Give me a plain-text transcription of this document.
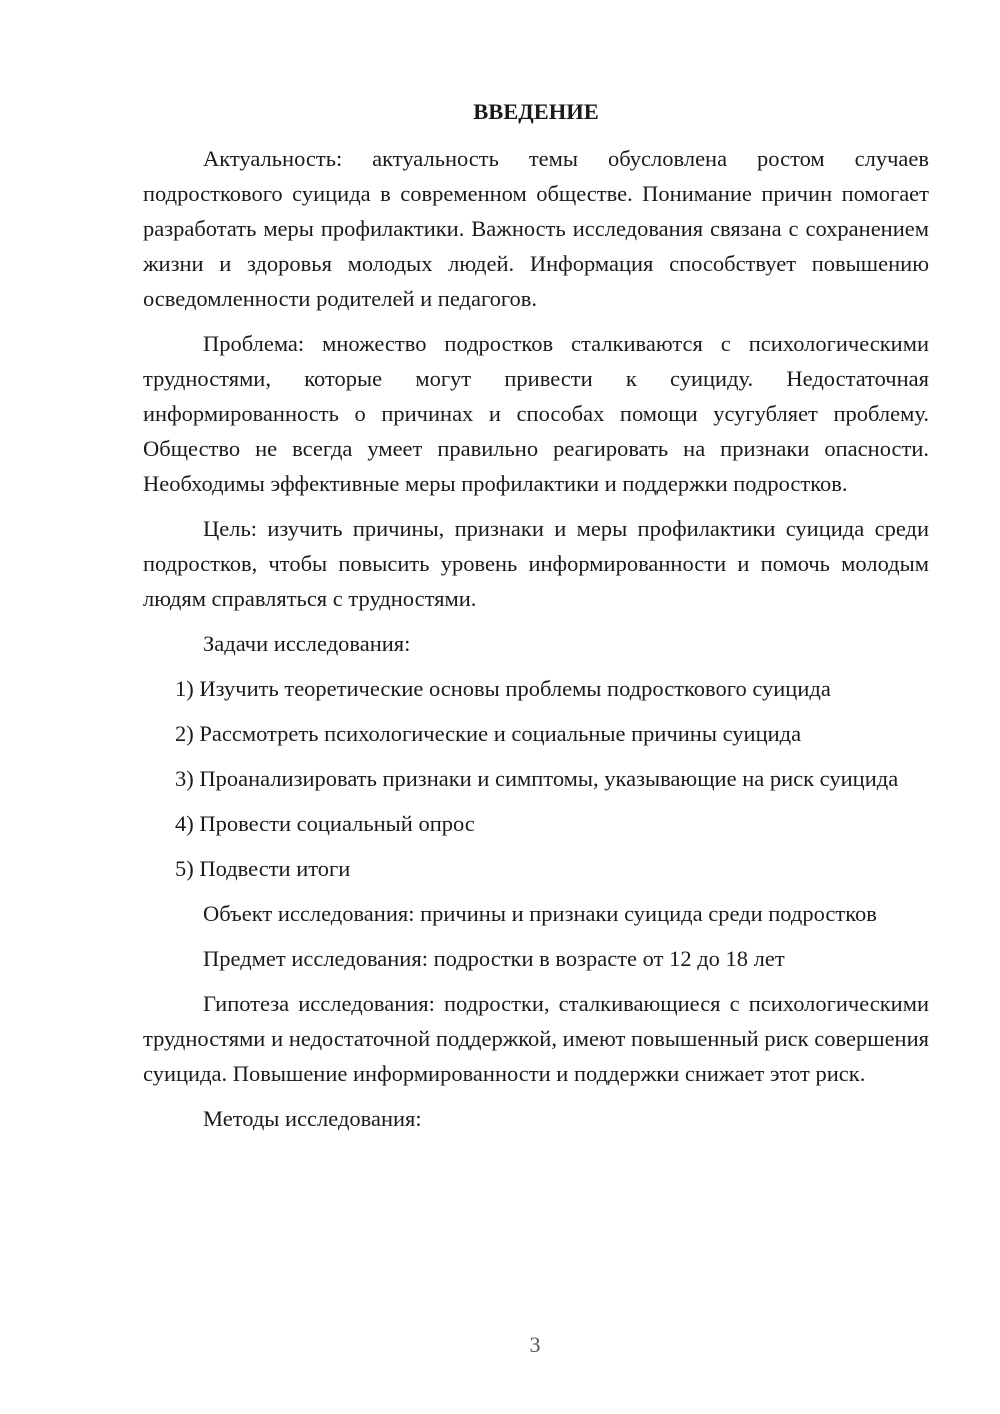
ВВЕДЕНИЕ

Актуальность: актуальность темы обусловлена ростом случаев подросткового суицида в современном обществе. Понимание причин помогает разработать меры профилактики. Важность исследования связана с сохранением жизни и здоровья молодых людей. Информация способствует повышению осведомленности родителей и педагогов.

Проблема: множество подростков сталкиваются с психологическими трудностями, которые могут привести к суициду. Недостаточная информированность о причинах и способах помощи усугубляет проблему. Общество не всегда умеет правильно реагировать на признаки опасности. Необходимы эффективные меры профилактики и поддержки подростков.

Цель: изучить причины, признаки и меры профилактики суицида среди подростков, чтобы повысить уровень информированности и помочь молодым людям справляться с трудностями.

Задачи исследования:

1) Изучить теоретические основы проблемы подросткового суицида

2) Рассмотреть психологические и социальные причины суицида

3) Проанализировать признаки и симптомы, указывающие на риск суицида

4) Провести социальный опрос

5) Подвести итоги

Объект исследования: причины и признаки суицида среди подростков

Предмет исследования: подростки в возрасте от 12 до 18 лет

Гипотеза исследования: подростки, сталкивающиеся с психологическими трудностями и недостаточной поддержкой, имеют повышенный риск совершения суицида. Повышение информированности и поддержки снижает этот риск.

Методы исследования:

3
